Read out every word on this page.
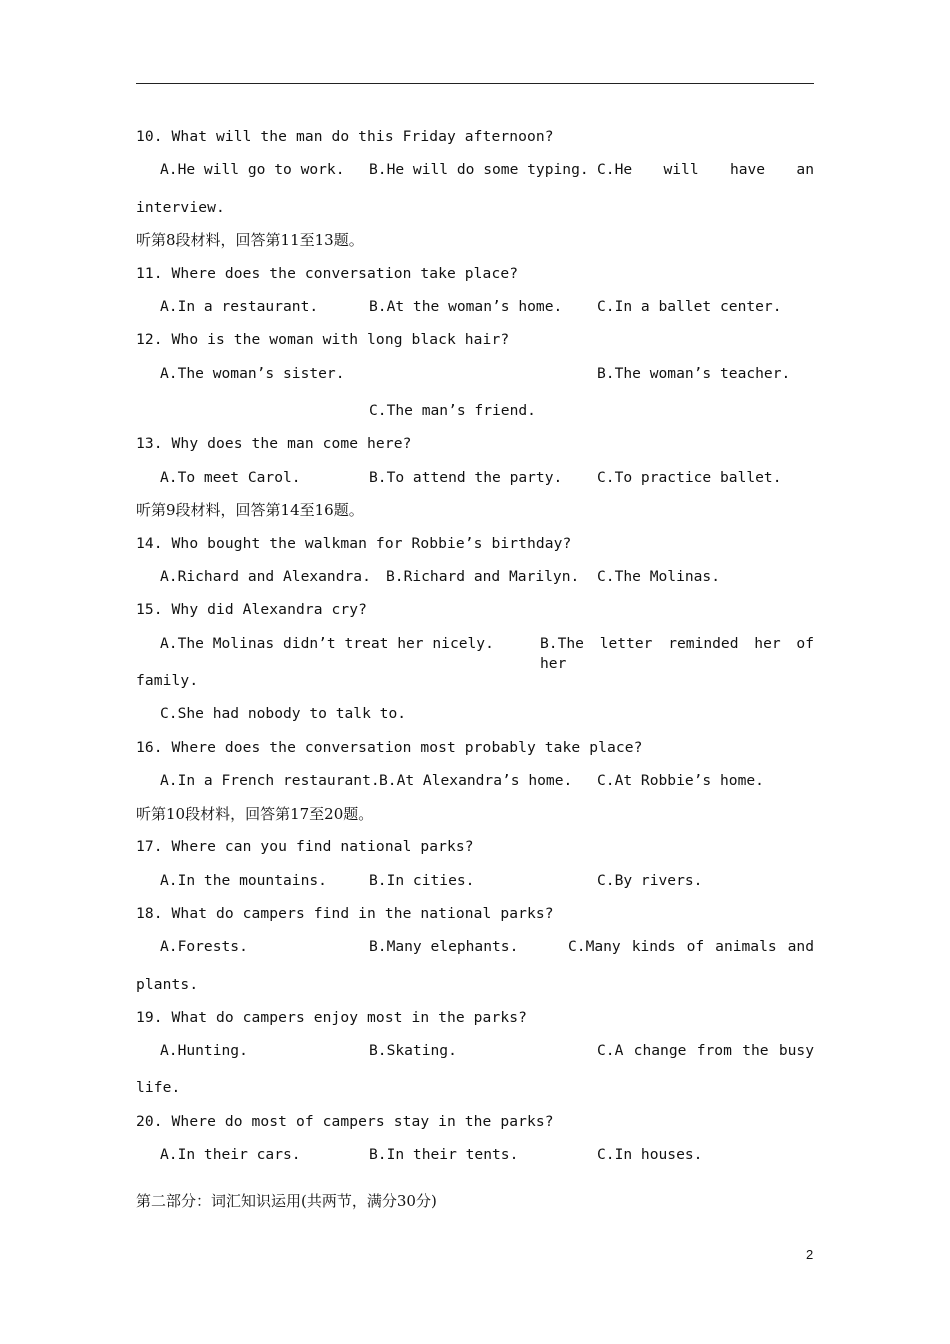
10. What will the man do this Friday afternoon?
A.He will go to work. B.He will do some typing. C.He will have an
interview.
听第8段材料，回答第11至13题。
11. Where does the conversation take place?
A.In a restaurant.	B.At the woman’s home. C.In a ballet center.
12. Who is the woman with long black hair?
A.The woman’s sister.	B.The woman’s teacher.
C.The man’s friend.
13. Why does the man come here?
A.To meet Carol.	B.To attend the party. C.To practice ballet.
听第9段材料，回答第14至16题。
14. Who bought the walkman for Robbie’s birthday?
A.Richard and Alexandra. B.Richard and Marilyn. C.The Molinas.
15. Why did Alexandra cry?
A.The Molinas didn’t treat her nicely.	B.The letter reminded her of her
family.
C.She had nobody to talk to.
16. Where does the conversation most probably take place?
A.In a French restaurant. B.At Alexandra’s home. C.At Robbie’s home.
听第10段材料，回答第17至20题。
17. Where can you find national parks?
A.In the mountains.	B.In cities.	C.By rivers.
18. What do campers find in the national parks?
A.Forests.	B.Many elephants.	C.Many kinds of animals and
plants.
19. What do campers enjoy most in the parks?
A.Hunting.	B.Skating.	C.A change from the busy
life.
20. Where do most of campers stay in the parks?
A.In their cars.	B.In their tents.	C.In houses.
第二部分：词汇知识运用(共两节，满分30分)
2
